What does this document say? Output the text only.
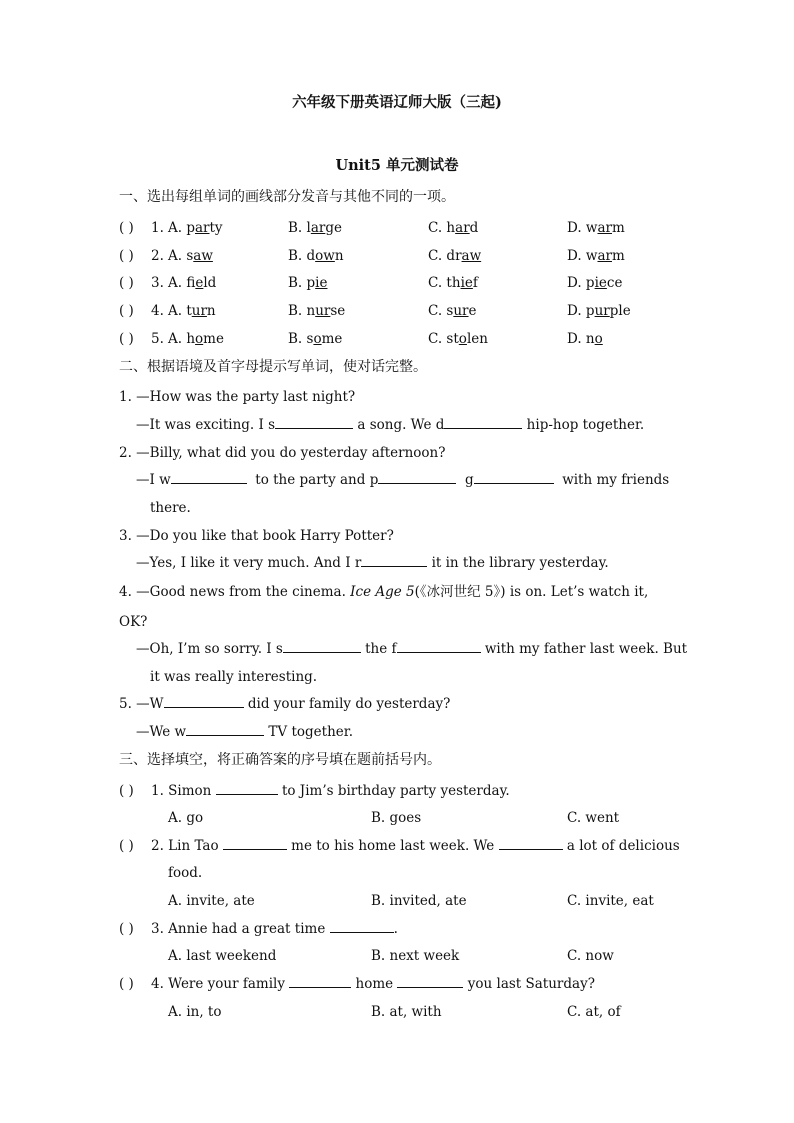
六年级下册英语辽师大版（三起)
Unit5 单元测试卷
一、选出每组单词的画线部分发音与其他不同的一项。
( ) 1. A. party	B. large	C. hard	D. warm
( ) 2. A. saw	B. down	C. draw	D. warm
( ) 3. A. field	B. pie	C. thief	D. piece
( ) 4. A. turn	B. nurse	C. sure	D. purple
( ) 5. A. home	B. some	C. stolen	D. no
二、根据语境及首字母提示写单词，使对话完整。
1. —How was the party last night?
—It was exciting. I s	a song. We d	hip-hop together.
2. —Billy, what did you do yesterday afternoon?
—I w	to the party and p	g	with my friends
there.
3. —Do you like that book Harry Potter?
—Yes, I like it very much. And I r	it in the library yesterday.
4. —Good news from the cinema. Ice Age 5(《冰河世纪 5》) is on. Let’s watch it,
OK?
—Oh, I’m so sorry. I s	the f	with my father last week. But
it was really interesting.
5. —W	did your family do yesterday?
—We w	TV together.
三、选择填空，将正确答案的序号填在题前括号内。
( ) 1. Simon	to Jim’s birthday party yesterday.
A. go	B. goes	C. went
( ) 2. Lin Tao	me to his home last week. We	a lot of delicious
food.
A. invite, ate	B. invited, ate	C. invite, eat
( ) 3. Annie had a great time	.
A. last weekend	B. next week	C. now
( ) 4. Were your family	home	you last Saturday?
A. in, to	B. at, with	C. at, of
